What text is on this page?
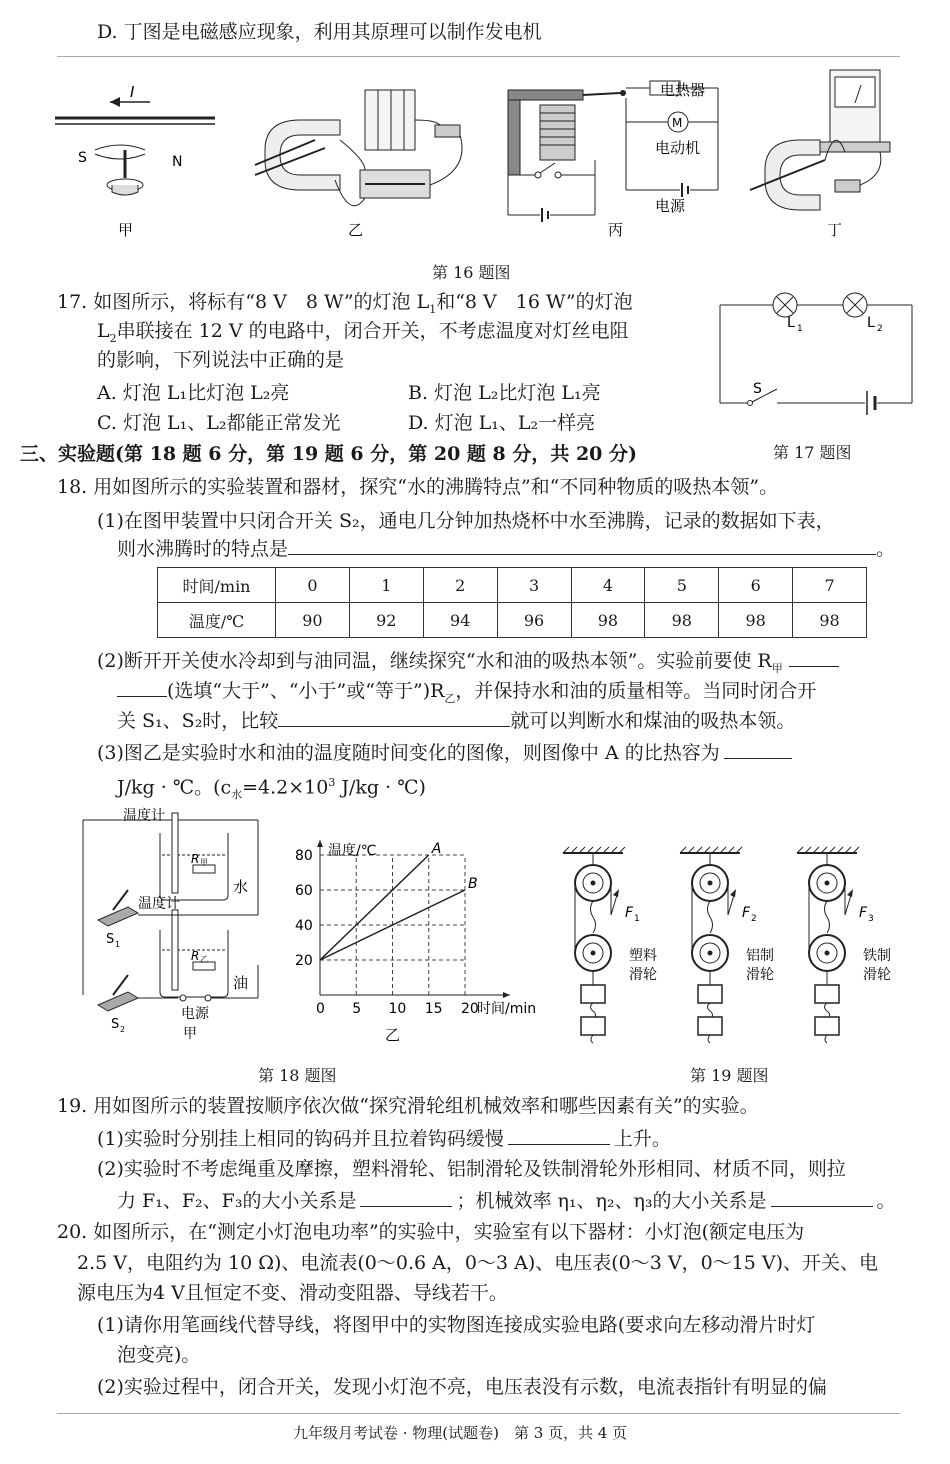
D. 丁图是电磁感应现象，利用其原理可以制作发电机
I
S	N
甲	乙
M
电热器
电动机
电源
丙	丁
第 16 题图
17. 如图所示，将标有“8 V　8 W”的灯泡 $L_1$和“8 V　16 W”的灯泡
$L_2$串联接在 12 V 的电路中，闭合开关，不考虑温度对灯丝电阻
的影响，下列说法中正确的是
A. 灯泡 L₁比灯泡 L₂亮	B. 灯泡 L₂比灯泡 L₁亮
C. 灯泡 L₁、L₂都能正常发光	D. 灯泡 L₁、L₂一样亮
L 1	L 2
S
第 17 题图
三、实验题(第 18 题 6 分，第 19 题 6 分，第 20 题 8 分，共 20 分)
18. 用如图所示的实验装置和器材，探究“水的沸腾特点”和“不同种物质的吸热本领”。
(1)在图甲装置中只闭合开关 S₂，通电几分钟加热烧杯中水至沸腾，记录的数据如下表，
则水沸腾时的特点是	。
时间/min	0	1	2	3	4	5	6	7
温度/℃	90	92	94	96	98	98	98	98
(2)断开开关使水冷却到与油同温，继续探究“水和油的吸热本领”。实验前要使 $R_甲$
(选填“大于”、“小于”或“等于$”)R_乙$，并保持水和油的质量相等。当同时闭合开
关 S₁、S₂时，比较	就可以判断水和煤油的吸热本领。
(3)图乙是实验时水和油的温度随时间变化的图像，则图像中 A 的比热容为
J/kg · ℃。($c_水=4.2\times 10^3$ J/kg · ℃)
温度计
温度计
R 甲
R 乙
水
油
S 1
S 2
电源
甲
0 5 10 15 20
20
40
60
80 温度/℃
时间/min
A
B
乙
第 18 题图
F 1
塑料
滑轮
F 2
铝制
滑轮
F 3
铁制
滑轮
第 19 题图
19. 用如图所示的装置按顺序依次做“探究滑轮组机械效率和哪些因素有关”的实验。
(1)实验时分别挂上相同的钩码并且拉着钩码缓慢	上升。
(2)实验时不考虑绳重及摩擦，塑料滑轮、铝制滑轮及铁制滑轮外形相同、材质不同，则拉
力 F₁、F₂、F₃的大小关系是	；机械效率 η₁、η₂、η₃的大小关系是	。
20. 如图所示，在“测定小灯泡电功率”的实验中，实验室有以下器材：小灯泡(额定电压为
2.5 V，电阻约为 10 Ω)、电流表(0～0.6 A，0～3 A)、电压表(0～3 V，0～15 V)、开关、电
源电压为4 V且恒定不变、滑动变阻器、导线若干。
(1)请你用笔画线代替导线，将图甲中的实物图连接成实验电路(要求向左移动滑片时灯
泡变亮)。
(2)实验过程中，闭合开关，发现小灯泡不亮，电压表没有示数，电流表指针有明显的偏
九年级月考试卷 · 物理(试题卷)　第 3 页，共 4 页
